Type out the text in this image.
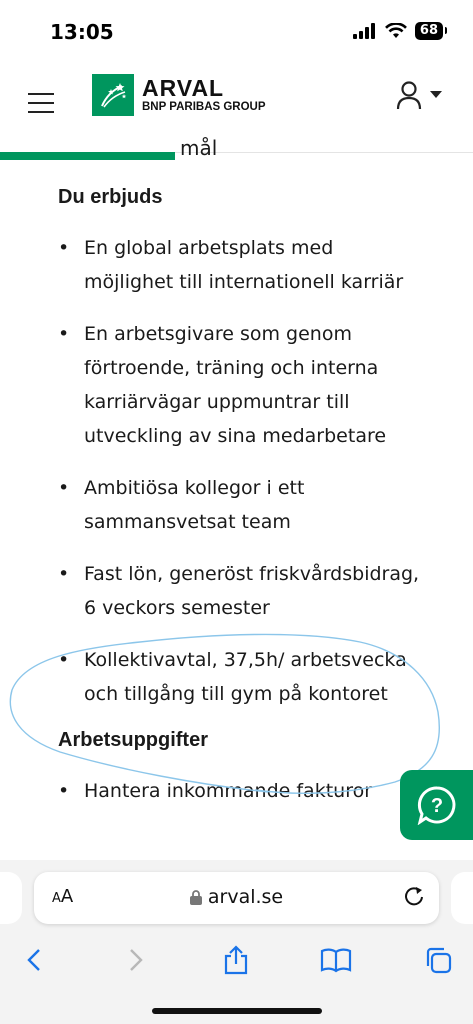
13:05	68
ARVAL
BNP PARIBAS GROUP
mål
Du erbjuds
• En global arbetsplats med möjlighet till internationell karriär
• En arbetsgivare som genom förtroende, träning och interna karriärvägar uppmuntrar till utveckling av sina medarbetare
• Ambitiösa kollegor i ett sammansvetsat team
• Fast lön, generöst friskvårdsbidrag, 6 veckors semester
• Kollektivavtal, 37,5h/ arbetsvecka och tillgång till gym på kontoret
Arbetsuppgifter
• Hantera inkommande fakturor
?
AA	arval.se
